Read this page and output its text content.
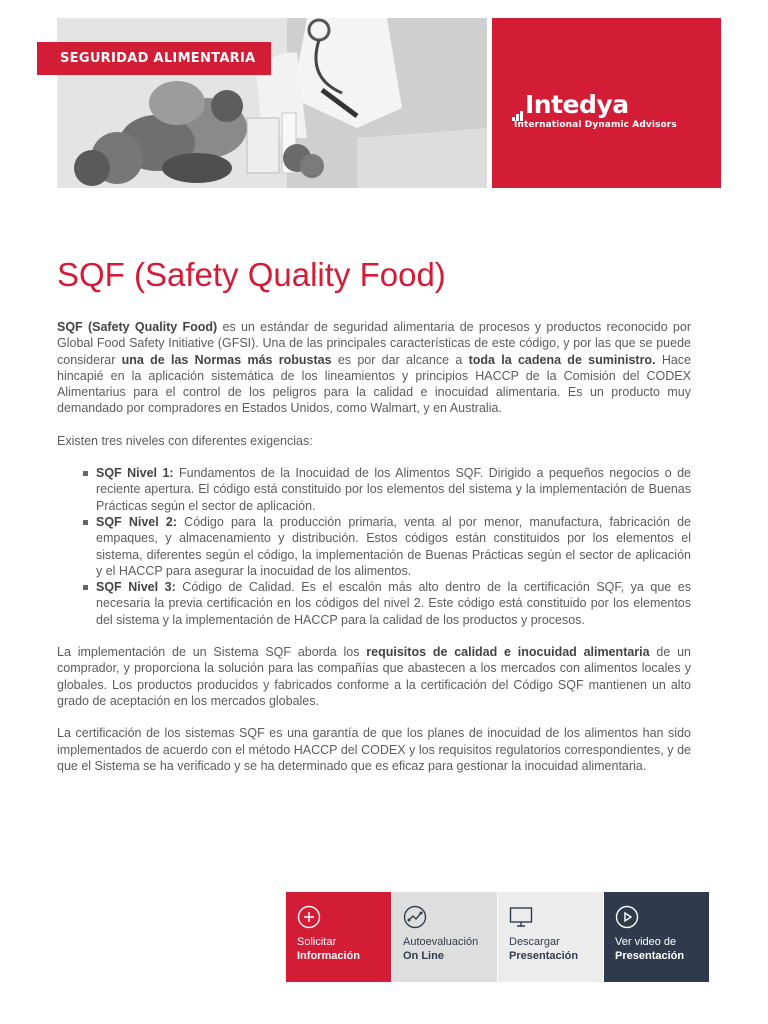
SEGURIDAD ALIMENTARIA
Intedya
International Dynamic Advisors
SQF (Safety Quality Food)

SQF (Safety Quality Food) es un estándar de seguridad alimentaria de procesos y productos reconocido por Global Food Safety Initiative (GFSI). Una de las principales características de este código, y por las que se puede considerar una de las Normas más robustas es por dar alcance a toda la cadena de suministro. Hace hincapié en la aplicación sistemática de los lineamientos y principios HACCP de la Comisión del CODEX Alimentarius para el control de los peligros para la calidad e inocuidad alimentaria. Es un producto muy demandado por compradores en Estados Unidos, como Walmart, y en Australia.

Existen tres niveles con diferentes exigencias:

SQF Nivel 1: Fundamentos de la Inocuidad de los Alimentos SQF. Dirigido a pequeños negocios o de reciente apertura. El código está constituido por los elementos del sistema y la implementación de Buenas Prácticas según el sector de aplicación.
SQF Nivel 2: Código para la producción primaria, venta al por menor, manufactura, fabricación de empaques, y almacenamiento y distribución. Estos códigos están constituidos por los elementos el sistema, diferentes según el código, la implementación de Buenas Prácticas según el sector de aplicación y el HACCP para asegurar la inocuidad de los alimentos.
SQF Nivel 3: Código de Calidad. Es el escalón más alto dentro de la certificación SQF, ya que es necesaria la previa certificación en los códigos del nivel 2. Este código está constituido por los elementos del sistema y la implementación de HACCP para la calidad de los productos y procesos.

La implementación de un Sistema SQF aborda los requisitos de calidad e inocuidad alimentaria de un comprador, y proporciona la solución para las compañías que abastecen a los mercados con alimentos locales y globales. Los productos producidos y fabricados conforme a la certificación del Código SQF mantienen un alto grado de aceptación en los mercados globales.

La certificación de los sistemas SQF es una garantía de que los planes de inocuidad de los alimentos han sido implementados de acuerdo con el método HACCP del CODEX y los requisitos regulatorios correspondientes, y de que el Sistema se ha verificado y se ha determinado que es eficaz para gestionar la inocuidad alimentaria.

Solicitar
Información
Autoevaluación
On Line
Descargar
Presentación
Ver video de
Presentación
